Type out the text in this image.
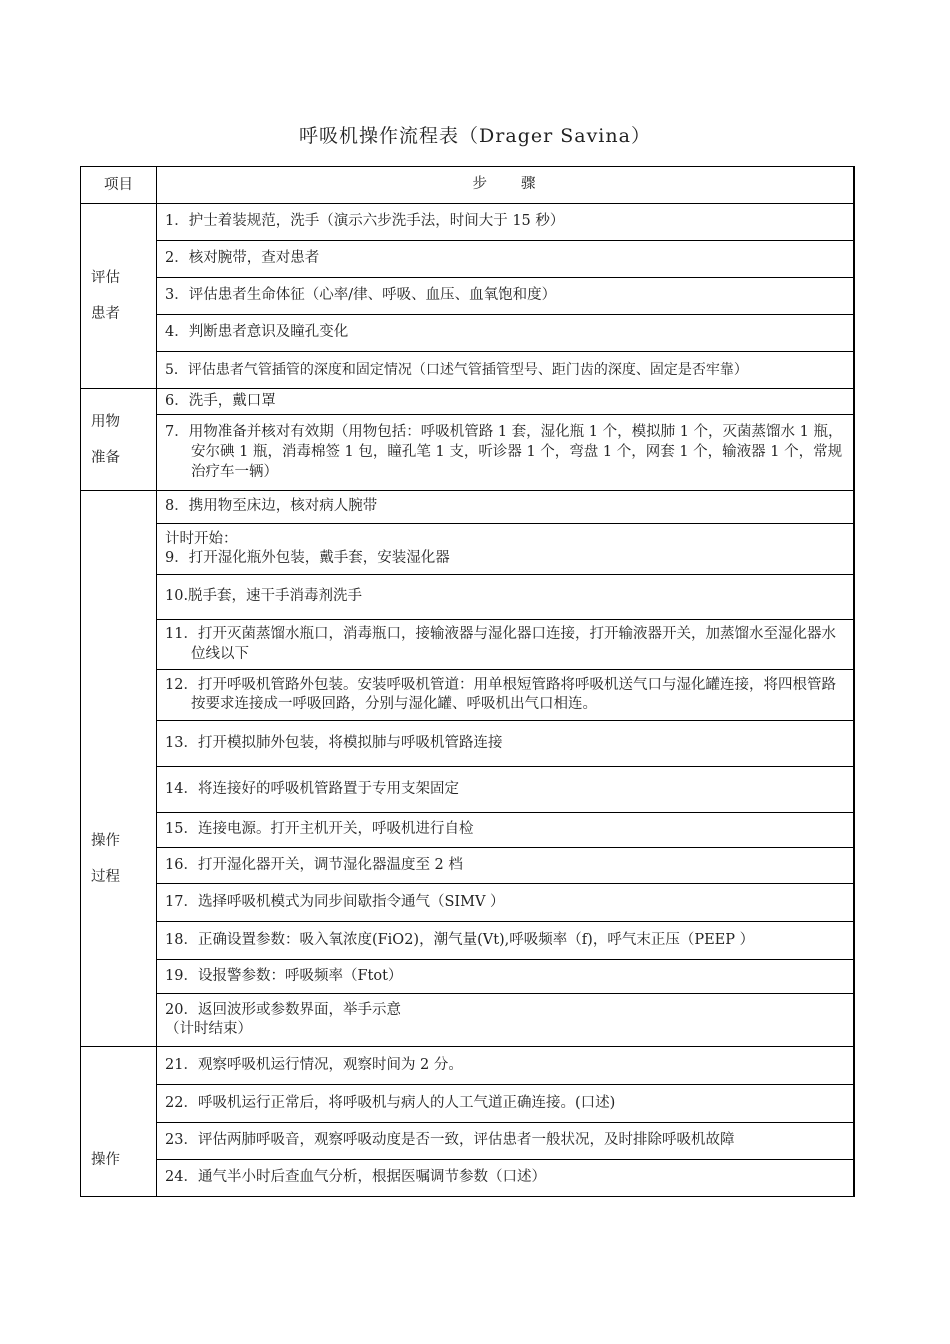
呼吸机操作流程表（Drager Savina）
项目	步骤

评估
患者	1．护士着装规范，洗手（演示六步洗手法，时间大于 15 秒）
	2．核对腕带，查对患者
	3．评估患者生命体征（心率/律、呼吸、血压、血氧饱和度）
	4．判断患者意识及瞳孔变化
	5．评估患者气管插管的深度和固定情况（口述气管插管型号、距门齿的深度、固定是否牢靠）

用物
准备	6．洗手，戴口罩

	7．用物准备并核对有效期（用物包括：呼吸机管路 1 套，湿化瓶 1 个，模拟肺 1 个，灭菌蒸馏水 1 瓶，安尔碘 1 瓶，消毒棉签 1 包，瞳孔笔 1 支，听诊器 1 个，弯盘 1 个，网套 1 个，输液器 1 个，常规治疗车一辆）

操作
过程	8．携用物至床边，核对病人腕带

	计时开始：
9．打开湿化瓶外包装，戴手套，安装湿化器

	10.脱手套，速干手消毒剂洗手

	11．打开灭菌蒸馏水瓶口，消毒瓶口，接输液器与湿化器口连接，打开输液器开关，加蒸馏水至湿化器水位线以下

	12．打开呼吸机管路外包装。安装呼吸机管道：用单根短管路将呼吸机送气口与湿化罐连接，将四根管路按要求连接成一呼吸回路，分别与湿化罐、呼吸机出气口相连。

	13．打开模拟肺外包装，将模拟肺与呼吸机管路连接
	14．将连接好的呼吸机管路置于专用支架固定
	15．连接电源。打开主机开关，呼吸机进行自检
	16．打开湿化器开关，调节湿化器温度至 2 档
	17．选择呼吸机模式为同步间歇指令通气（SIMV ）
	18．正确设置参数：吸入氧浓度(FiO2)，潮气量(Vt),呼吸频率（f)，呼气末正压（PEEP ）
	19．设报警参数：呼吸频率（Ftot）

	20．返回波形或参数界面，举手示意
（计时结束）

操作	21．观察呼吸机运行情况，观察时间为 2 分。
	22．呼吸机运行正常后，将呼吸机与病人的人工气道正确连接。(口述)
	23．评估两肺呼吸音，观察呼吸动度是否一致，评估患者一般状况，及时排除呼吸机故障
	24．通气半小时后查血气分析，根据医嘱调节参数（口述）
